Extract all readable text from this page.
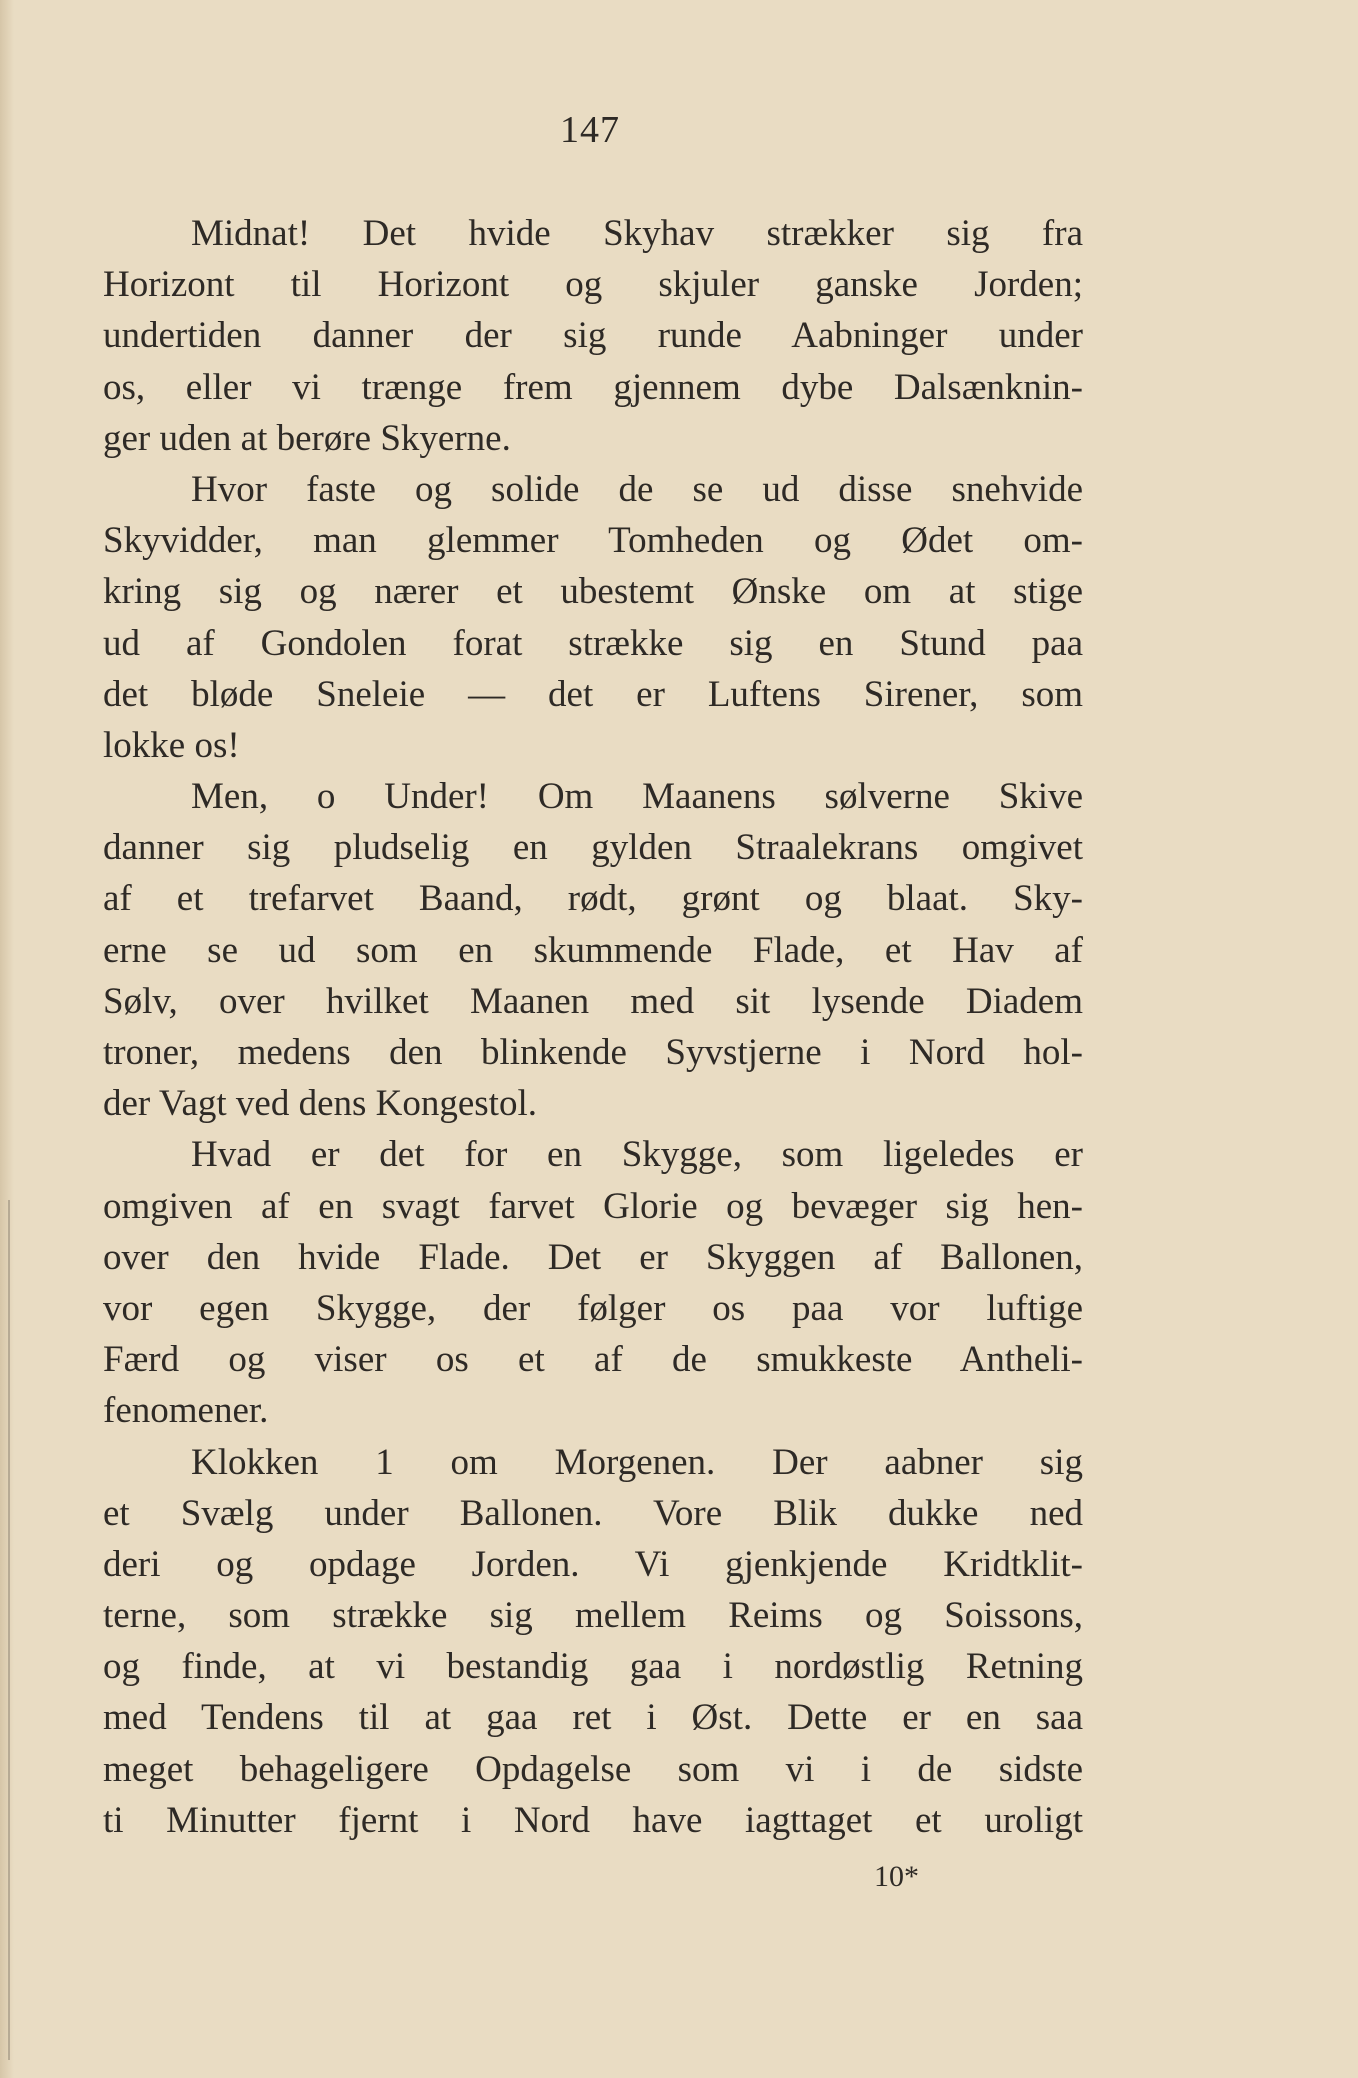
147
Midnat! Det hvide Skyhav strækker sig fra
Horizont til Horizont og skjuler ganske Jorden;
undertiden danner der sig runde Aabninger under
os, eller vi trænge frem gjennem dybe Dalsænknin-
ger uden at berøre Skyerne.
Hvor faste og solide de se ud disse snehvide
Skyvidder, man glemmer Tomheden og Ødet om-
kring sig og nærer et ubestemt Ønske om at stige
ud af Gondolen forat strække sig en Stund paa
det bløde Sneleie — det er Luftens Sirener, som
lokke os!
Men, o Under! Om Maanens sølverne Skive
danner sig pludselig en gylden Straalekrans omgivet
af et trefarvet Baand, rødt, grønt og blaat. Sky-
erne se ud som en skummende Flade, et Hav af
Sølv, over hvilket Maanen med sit lysende Diadem
troner, medens den blinkende Syvstjerne i Nord hol-
der Vagt ved dens Kongestol.
Hvad er det for en Skygge, som ligeledes er
omgiven af en svagt farvet Glorie og bevæger sig hen-
over den hvide Flade. Det er Skyggen af Ballonen,
vor egen Skygge, der følger os paa vor luftige
Færd og viser os et af de smukkeste Antheli-
fenomener.
Klokken 1 om Morgenen. Der aabner sig
et Svælg under Ballonen. Vore Blik dukke ned
deri og opdage Jorden. Vi gjenkjende Kridtklit-
terne, som strække sig mellem Reims og Soissons,
og finde, at vi bestandig gaa i nordøstlig Retning
med Tendens til at gaa ret i Øst. Dette er en saa
meget behageligere Opdagelse som vi i de sidste
ti Minutter fjernt i Nord have iagttaget et uroligt
10*
